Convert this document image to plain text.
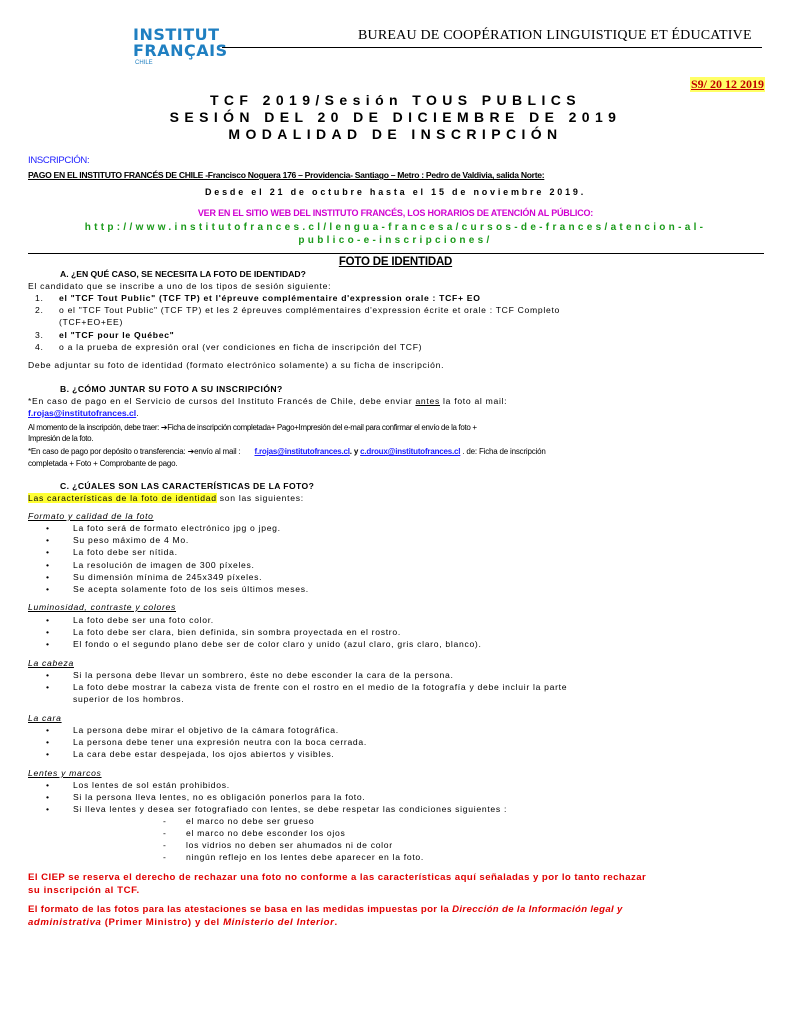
INSTITUT
FRANÇAIS
CHILE
BUREAU DE COOPÉRATION LINGUISTIQUE ET ÉDUCATIVE
S9/ 20 12 2019
TCF 2019/Sesión TOUS PUBLICS
SESIÓN DEL 20 DE DICIEMBRE DE 2019
MODALIDAD DE INSCRIPCIÓN
INSCRIPCIÓN:
PAGO EN EL INSTITUTO FRANCÉS DE CHILE -Francisco Noguera 176 – Providencia- Santiago – Metro : Pedro de Valdivia, salida Norte:
Desde el 21 de octubre hasta el 15 de noviembre 2019.
VER EN EL SITIO WEB DEL INSTITUTO FRANCÉS, LOS HORARIOS DE ATENCIÓN AL PÚBLICO:
http://www.institutofrances.cl/lengua-francesa/cursos-de-frances/atencion-al-
publico-e-inscripciones/
FOTO DE IDENTIDAD
A. ¿EN QUÉ CASO, SE NECESITA LA FOTO DE IDENTIDAD?
El candidato que se inscribe a uno de los tipos de sesión siguiente:
1. el "TCF Tout Public" (TCF TP) et l'épreuve complémentaire d'expression orale : TCF+ EO
2. o el "TCF Tout Public" (TCF TP) et les 2 épreuves complémentaires d'expression écrite et orale : TCF Completo
(TCF+EO+EE)
3. el "TCF pour le Québec"
4. o a la prueba de expresión oral (ver condiciones en ficha de inscripción del TCF)
Debe adjuntar su foto de identidad (formato electrónico solamente) a su ficha de inscripción.
B. ¿CÓMO JUNTAR SU FOTO A SU INSCRIPCIÓN?
*En caso de pago en el Servicio de cursos del Instituto Francés de Chile, debe enviar antes la foto al mail:
f.rojas@institutofrances.cl.
Al momento de la inscripción, debe traer: ➔Ficha de inscripción completada+ Pago+Impresión del e-mail para confirmar el envío de la foto +
Impresión de la foto.
*En caso de pago por depósito o transferencia: ➔envío al mail : f.rojas@institutofrances.cl. y c.droux@institutofrances.cl . de: Ficha de inscripción
completada + Foto + Comprobante de pago.
C. ¿CÚALES SON LAS CARACTERÍSTICAS DE LA FOTO?
Las características de la foto de identidad son las siguientes:
Formato y calidad de la foto
• La foto será de formato electrónico jpg o jpeg.
• Su peso máximo de 4 Mo.
• La foto debe ser nítida.
• La resolución de imagen de 300 píxeles.
• Su dimensión mínima de 245x349 píxeles.
• Se acepta solamente foto de los seis últimos meses.
Luminosidad, contraste y colores
• La foto debe ser una foto color.
• La foto debe ser clara, bien definida, sin sombra proyectada en el rostro.
• El fondo o el segundo plano debe ser de color claro y unido (azul claro, gris claro, blanco).
La cabeza
• Si la persona debe llevar un sombrero, éste no debe esconder la cara de la persona.
• La foto debe mostrar la cabeza vista de frente con el rostro en el medio de la fotografía y debe incluir la parte
superior de los hombros.
La cara
• La persona debe mirar el objetivo de la cámara fotográfica.
• La persona debe tener una expresión neutra con la boca cerrada.
• La cara debe estar despejada, los ojos abiertos y visibles.
Lentes y marcos
• Los lentes de sol están prohibidos.
• Si la persona lleva lentes, no es obligación ponerlos para la foto.
• Si lleva lentes y desea ser fotografiado con lentes, se debe respetar las condiciones siguientes :
- el marco no debe ser grueso
- el marco no debe esconder los ojos
- los vidrios no deben ser ahumados ni de color
- ningún reflejo en los lentes debe aparecer en la foto.
El CIEP se reserva el derecho de rechazar una foto no conforme a las características aquí señaladas y por lo tanto rechazar
su inscripción al TCF.
El formato de las fotos para las atestaciones se basa en las medidas impuestas por la Dirección de la Información legal y
administrativa (Primer Ministro) y del Ministerio del Interior.
